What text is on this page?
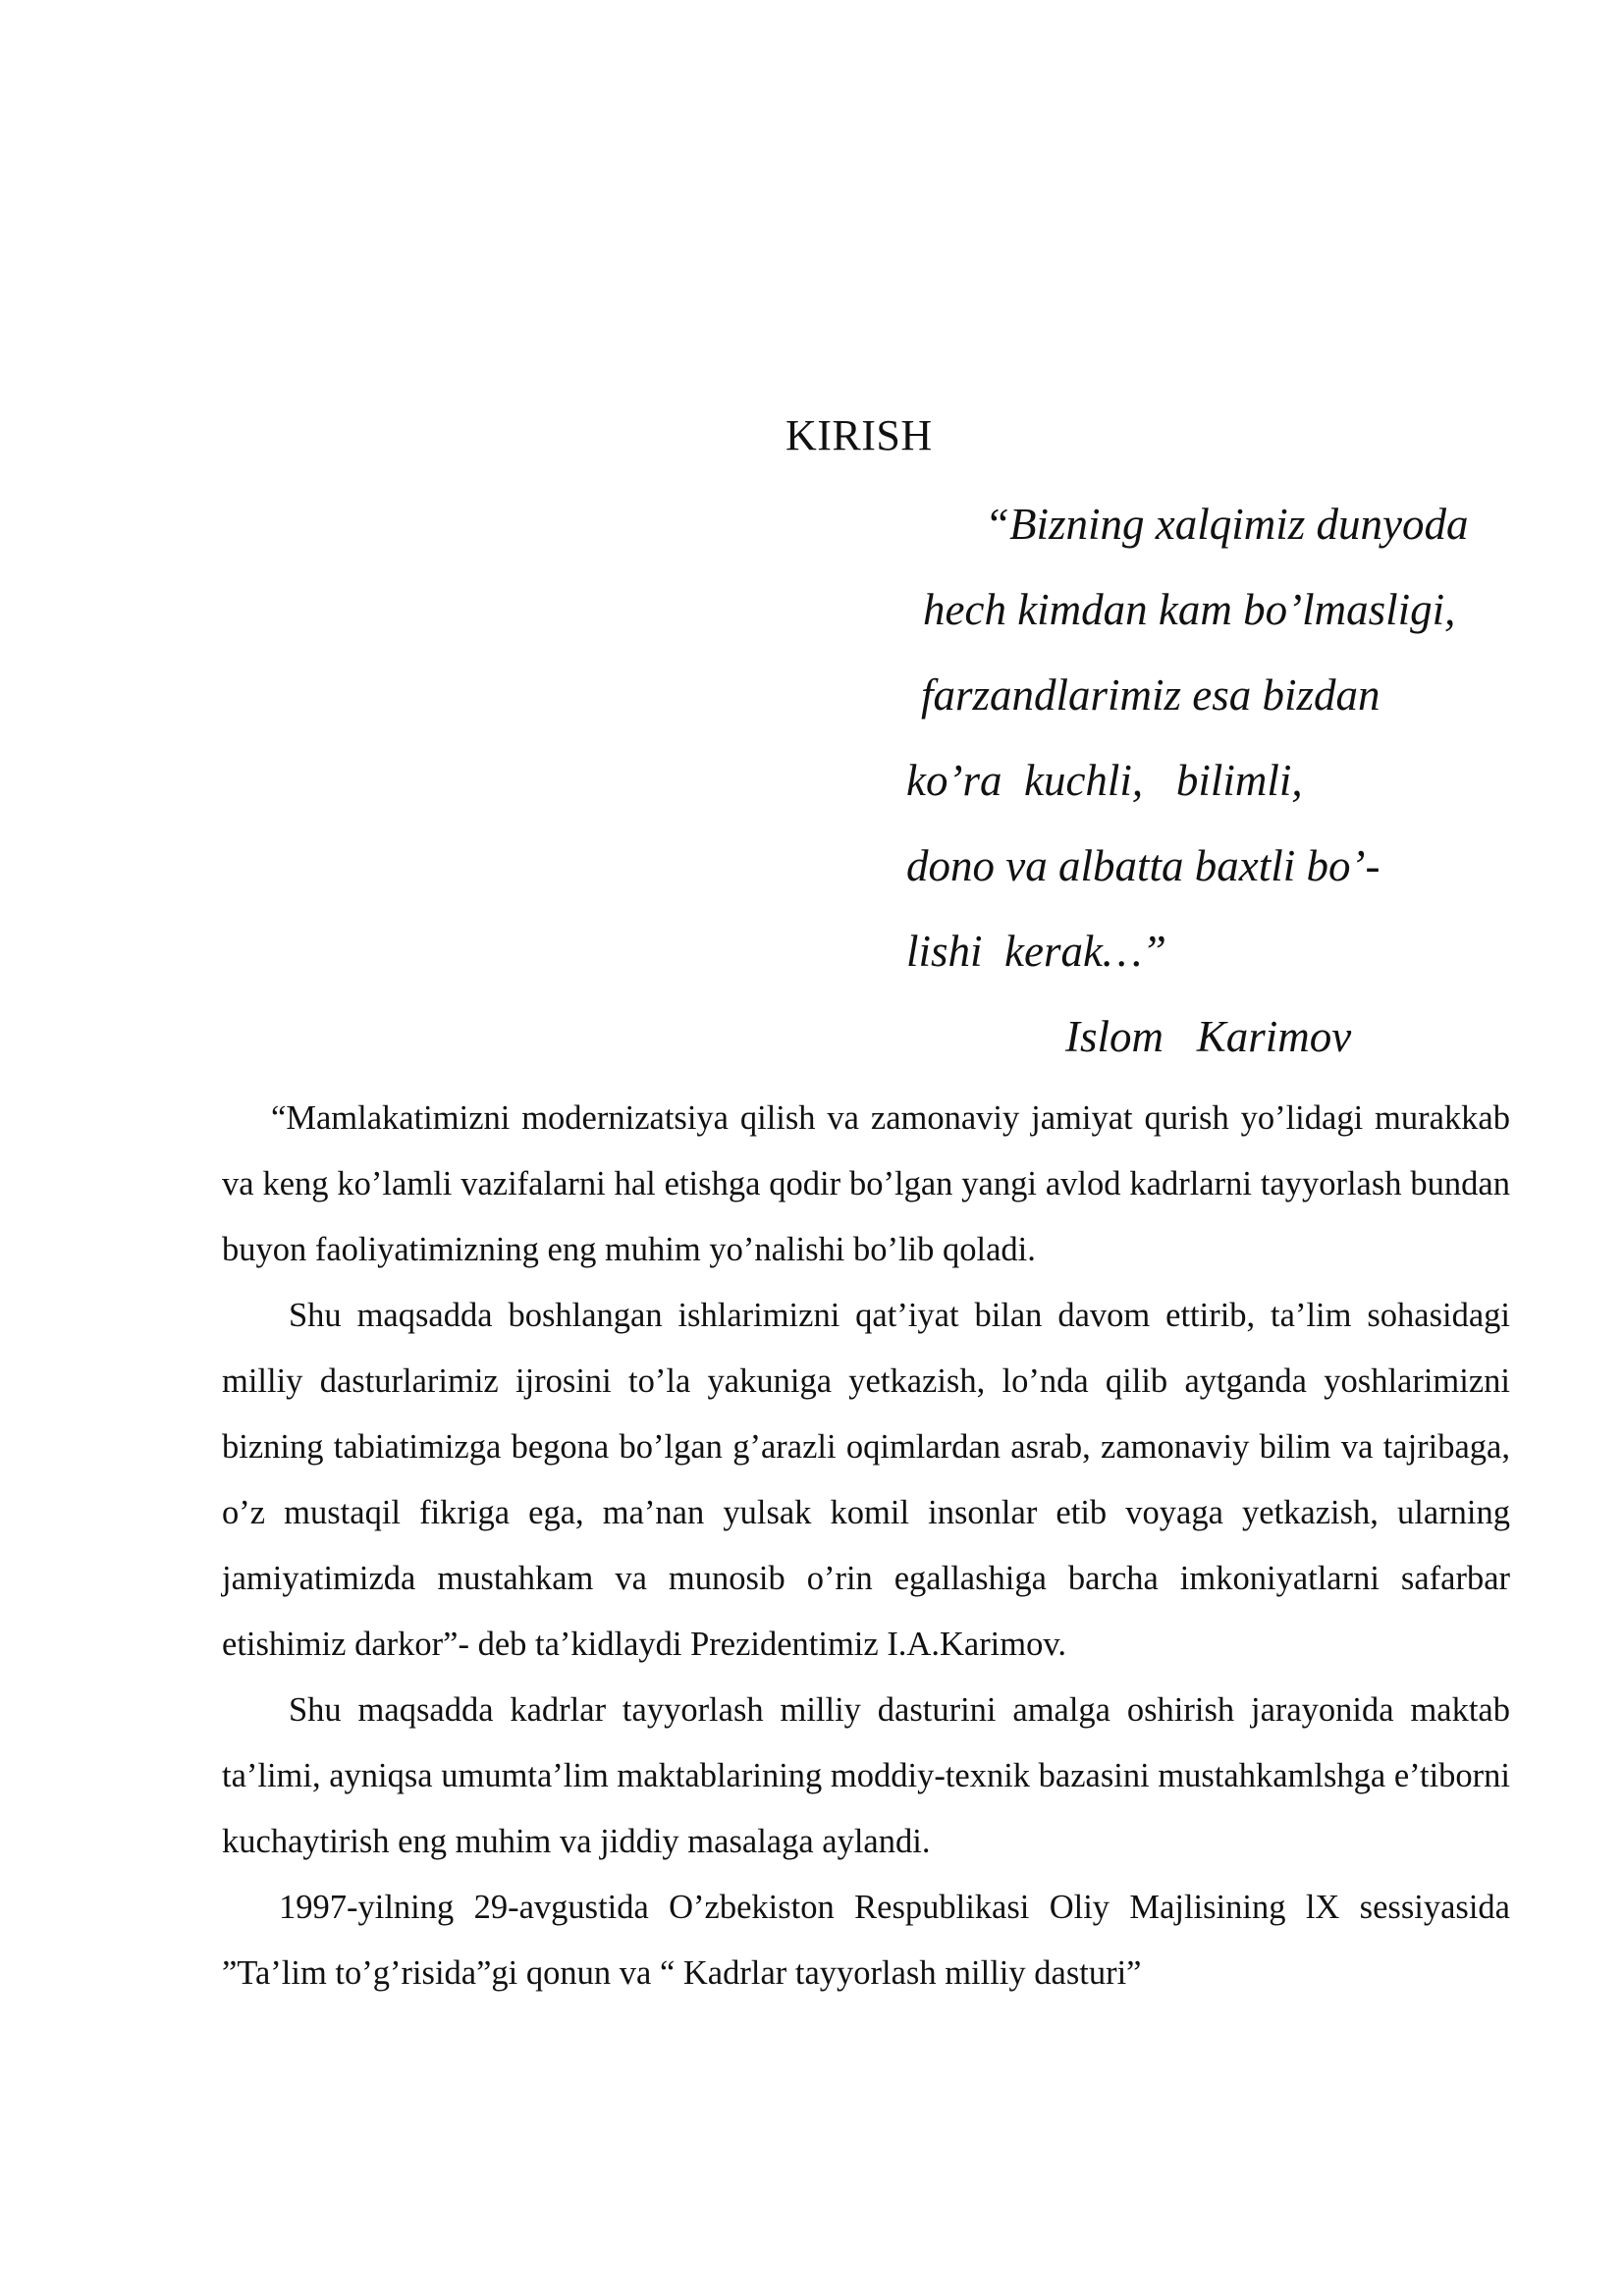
KIRISH
“Bizning xalqimiz dunyoda
hech kimdan kam bo’lmasligi,
farzandlarimiz esa bizdan
ko’ra  kuchli,   bilimli,
dono va albatta baxtli bo’-
lishi  kerak…”
Islom   Karimov

“Mamlakatimizni modernizatsiya qilish va zamonaviy jamiyat qurish yo’lidagi murakkab va keng ko’lamli vazifalarni hal etishga qodir bo’lgan yangi avlod kadrlarni tayyorlash bundan buyon faoliyatimizning eng muhim yo’nalishi bo’lib qoladi.

Shu maqsadda boshlangan ishlarimizni qat’iyat bilan davom ettirib, ta’lim sohasidagi milliy dasturlarimiz ijrosini to’la yakuniga yetkazish, lo’nda qilib aytganda yoshlarimizni bizning tabiatimizga begona bo’lgan g’arazli oqimlardan asrab, zamonaviy bilim va tajribaga, o’z mustaqil fikriga ega, ma’nan yulsak komil insonlar etib voyaga yetkazish, ularning jamiyatimizda mustahkam va munosib o’rin egallashiga barcha imkoniyatlarni safarbar etishimiz darkor”- deb ta’kidlaydi Prezidentimiz I.A.Karimov.

Shu maqsadda kadrlar tayyorlash milliy dasturini amalga oshirish jarayonida maktab ta’limi, ayniqsa umumta’lim maktablarining moddiy-texnik bazasini mustahkamlshga e’tiborni kuchaytirish eng muhim va jiddiy masalaga aylandi.

1997-yilning 29-avgustida O’zbekiston Respublikasi Oliy Majlisining lX sessiyasida ”Ta’lim to’g’risida”gi qonun va “ Kadrlar tayyorlash milliy dasturi”
